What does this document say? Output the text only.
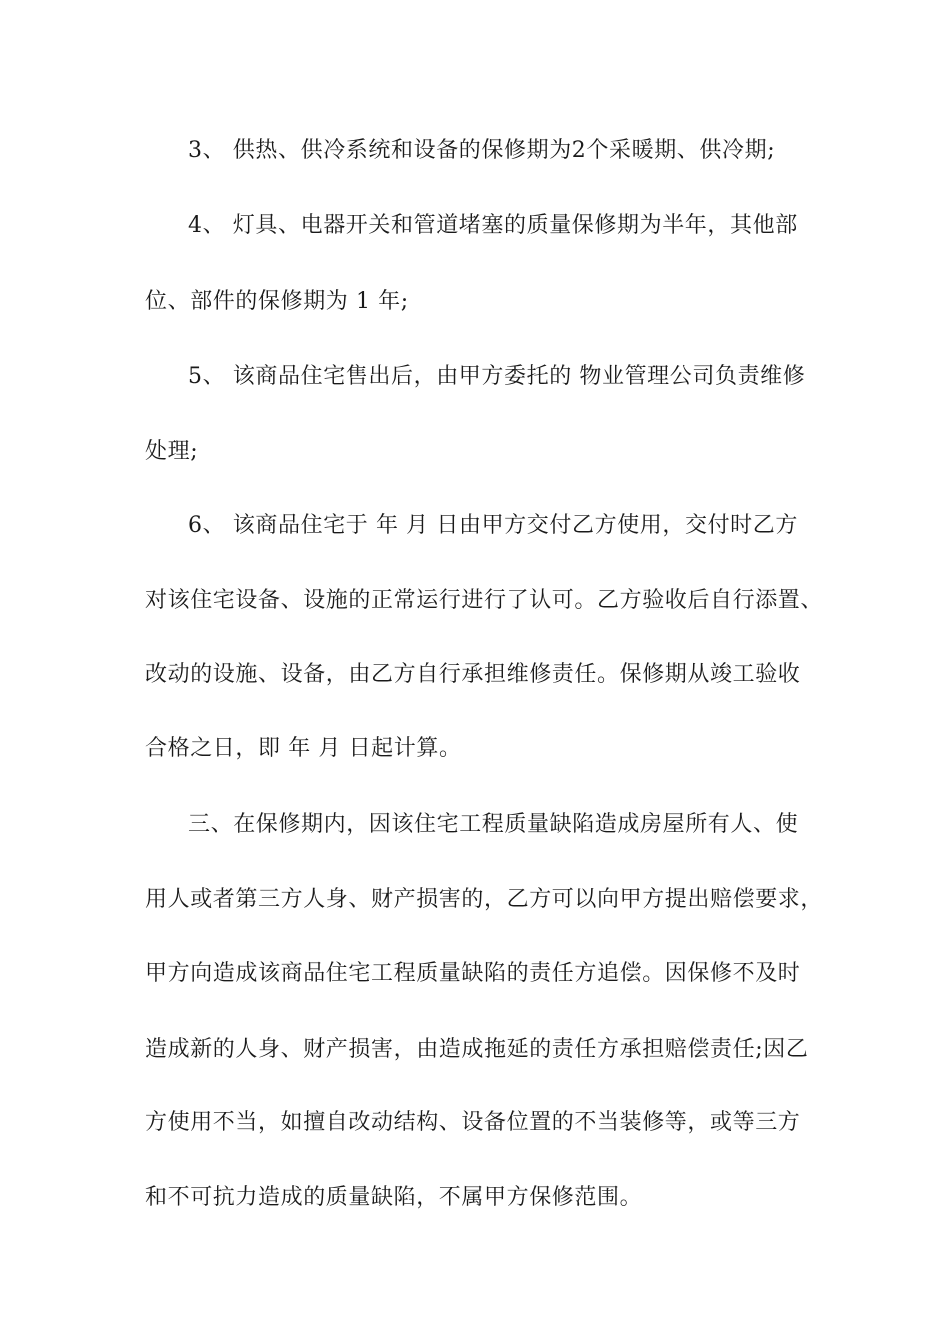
3、 供热、供冷系统和设备的保修期为2个采暖期、供冷期;
4、 灯具、电器开关和管道堵塞的质量保修期为半年，其他部
位、部件的保修期为 1 年;
5、 该商品住宅售出后，由甲方委托的 物业管理公司负责维修
处理;
6、 该商品住宅于 年 月 日由甲方交付乙方使用，交付时乙方
对该住宅设备、设施的正常运行进行了认可。乙方验收后自行添置、
改动的设施、设备，由乙方自行承担维修责任。保修期从竣工验收
合格之日，即 年 月 日起计算。
三、在保修期内，因该住宅工程质量缺陷造成房屋所有人、使
用人或者第三方人身、财产损害的，乙方可以向甲方提出赔偿要求，
甲方向造成该商品住宅工程质量缺陷的责任方追偿。因保修不及时
造成新的人身、财产损害，由造成拖延的责任方承担赔偿责任;因乙
方使用不当，如擅自改动结构、设备位置的不当装修等，或等三方
和不可抗力造成的质量缺陷，不属甲方保修范围。
